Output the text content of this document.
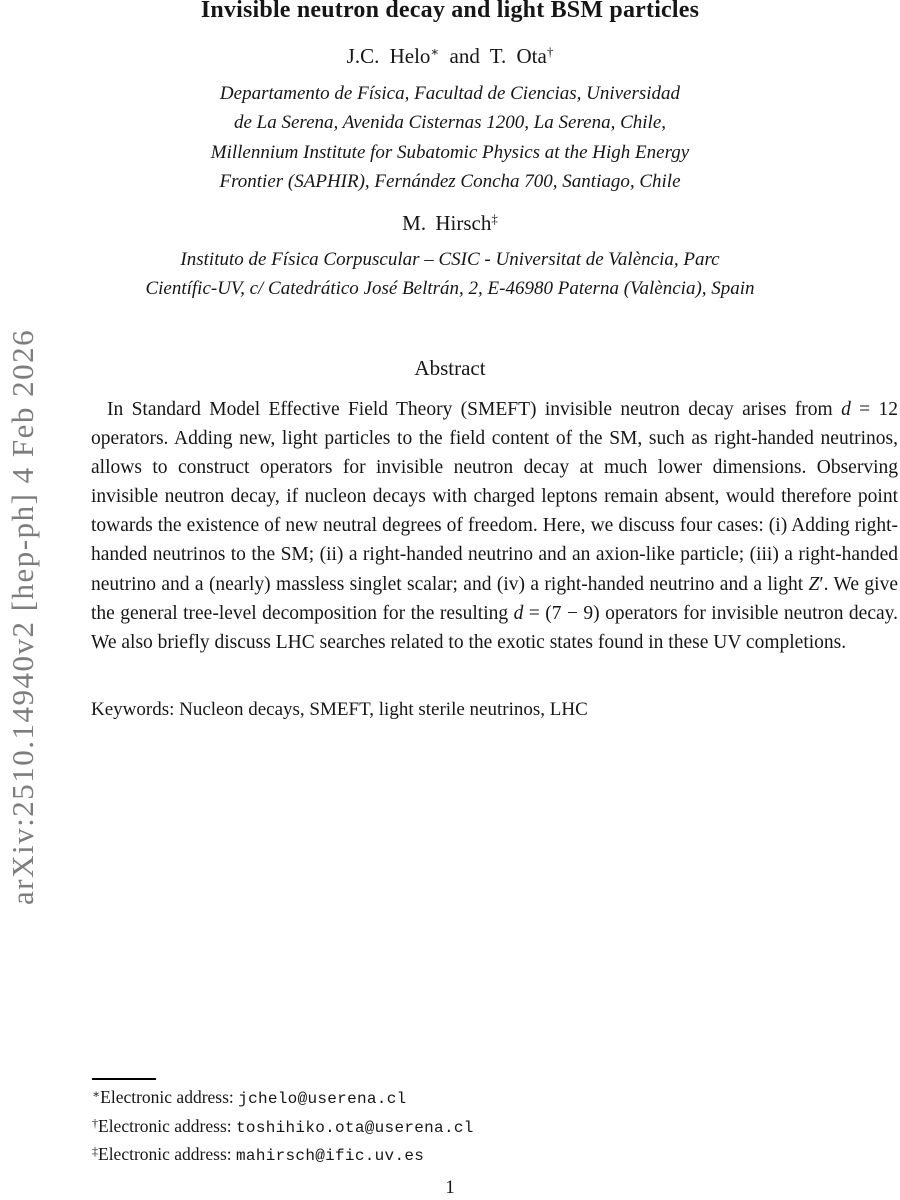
Invisible neutron decay and light BSM particles
J.C. Helo∗ and T. Ota†
Departamento de Física, Facultad de Ciencias, Universidad
de La Serena, Avenida Cisternas 1200, La Serena, Chile,
Millennium Institute for Subatomic Physics at the High Energy
Frontier (SAPHIR), Fernández Concha 700, Santiago, Chile
M. Hirsch‡
Instituto de Física Corpuscular – CSIC - Universitat de València, Parc
Científic-UV, c/ Catedrático José Beltrán, 2, E-46980 Paterna (València), Spain
Abstract
In Standard Model Effective Field Theory (SMEFT) invisible neutron decay arises from d = 12 operators. Adding new, light particles to the field content of the SM, such as right-handed neutrinos, allows to construct operators for invisible neutron decay at much lower dimensions. Observing invisible neutron decay, if nucleon decays with charged leptons remain absent, would therefore point towards the existence of new neutral degrees of freedom. Here, we discuss four cases: (i) Adding right-handed neutrinos to the SM; (ii) a right-handed neutrino and an axion-like particle; (iii) a right-handed neutrino and a (nearly) massless singlet scalar; and (iv) a right-handed neutrino and a light Z′. We give the general tree-level decomposition for the resulting d = (7 − 9) operators for invisible neutron decay. We also briefly discuss LHC searches related to the exotic states found in these UV completions.
Keywords: Nucleon decays, SMEFT, light sterile neutrinos, LHC
arXiv:2510.14940v2 [hep-ph] 4 Feb 2026
∗Electronic address: jchelo@userena.cl
†Electronic address: toshihiko.ota@userena.cl
‡Electronic address: mahirsch@ific.uv.es
1
